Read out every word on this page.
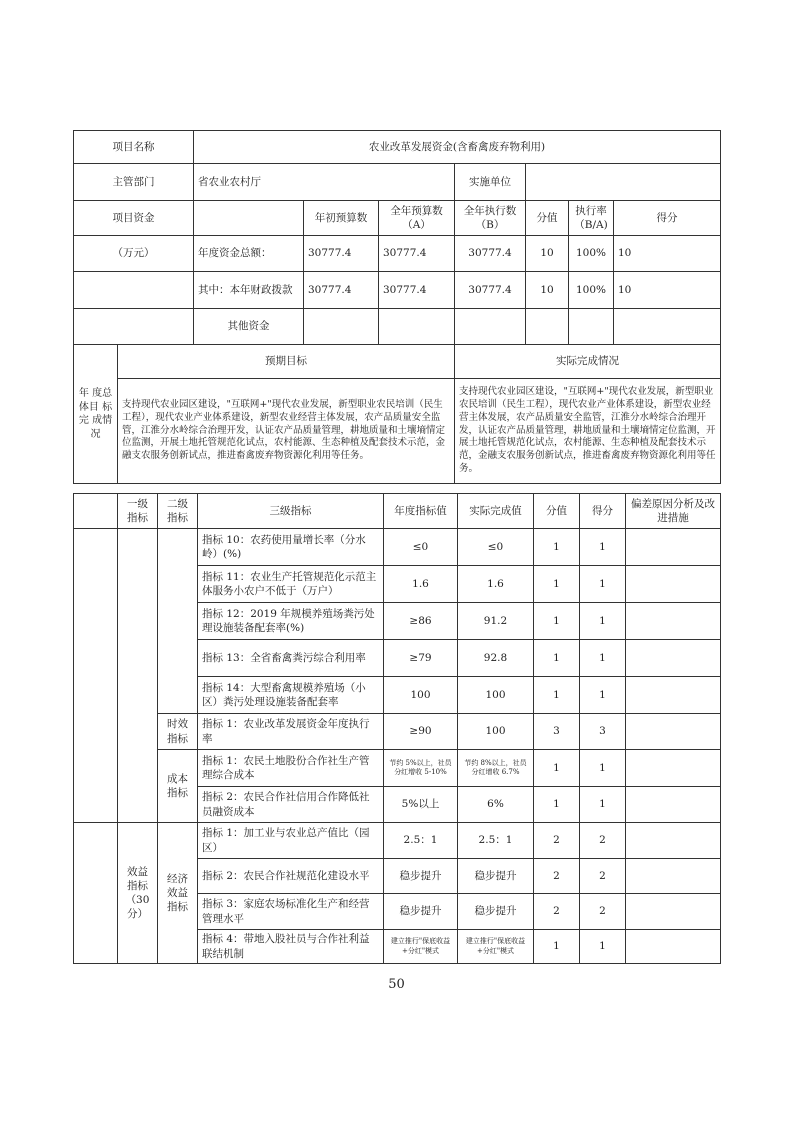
项目名称		农业改革发展资金(含畜禽废弃物利用)						
主管部门		省农业农村厅			实施单位			
项目资金			年初预算数	全年预算数（A）	全年执行数（B）	分值	执行率（B/A)	得分
（万元）		年度资金总额：	30777.4	30777.4	30777.4	10	100%	10
		其中：本年财政拨款	30777.4	30777.4	30777.4	10	100%	10
		其他资金						
年 度总 体目 标完 成情况	预期目标				实际完成情况			
	支持现代农业园区建设，"互联网+"现代农业发展，新型职业农民培训（民生工程），现代农业产业体系建设，新型农业经营主体发展，农产品质量安全监管，江淮分水岭综合治理开发，认证农产品质量管理，耕地质量和土壤墒情定位监测，开展土地托管规范化试点，农村能源、生态种植及配套技术示范，金融支农服务创新试点，推进畜禽废弃物资源化利用等任务。				支持现代农业园区建设，"互联网+"现代农业发展，新型职业农民培训（民生工程），现代农业产业体系建设，新型农业经营主体发展，农产品质量安全监管，江淮分水岭综合治理开发，认证农产品质量管理，耕地质量和土壤墒情定位监测，开展土地托管规范化试点，农村能源、生态种植及配套技术示范，金融支农服务创新试点，推进畜禽废弃物资源化利用等任务。			
	一级指标	二级指标	三级指标	年度指标值	实际完成值	分值	得分	偏差原因分析及改进措施
			指标 10：农药使用量增长率（分水岭）(%)	≤0	≤0	1	1	
			指标 11：农业生产托管规范化示范主体服务小农户不低于（万户）	1.6	1.6	1	1	
			指标 12：2019 年规模养殖场粪污处理设施装备配套率(%)	≥86	91.2	1	1	
			指标 13：全省畜禽粪污综合利用率	≥79	92.8	1	1	
			指标 14：大型畜禽规模养殖场（小区）粪污处理设施装备配套率	100	100	1	1	
		时效指标	指标 1：农业改革发展资金年度执行率	≥90	100	3	3	
		成本指标	指标 1：农民土地股份合作社生产管理综合成本	节约 5%以上，社员分红增收 5-10%	节约 8%以上，社员分红增收 6.7%	1	1	
			指标 2：农民合作社信用合作降低社员融资成本	5%以上	6%	1	1	
	效益指标（30分）	经济效益指标	指标 1：加工业与农业总产值比（园区）	2.5：1	2.5：1	2	2	
			指标 2：农民合作社规范化建设水平	稳步提升	稳步提升	2	2	
			指标 3：家庭农场标准化生产和经营管理水平	稳步提升	稳步提升	2	2	
			指标 4：带地入股社员与合作社利益联结机制	建立推行"保底收益+分红"模式	建立推行"保底收益+分红"模式	1	1	
50
